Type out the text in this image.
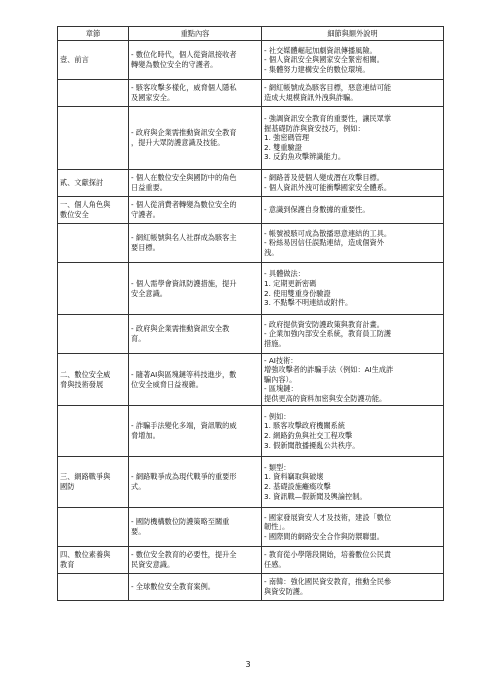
章節	重點內容	細節與額外說明

壹、前言	- 數位化時代，個人從資訊接收者
轉變為數位安全的守護者。	- 社交媒體崛起加劇資訊傳播風險。
- 個人資訊安全與國家安全緊密相關。
- 集體努力建構安全的數位環境。

	- 駭客攻擊多樣化，威脅個人隱私
及國家安全。	- 網紅帳號成為駭客目標，惡意連結可能
造成大規模資訊外洩與詐騙。

	- 政府與企業需推動資訊安全教育
，提升大眾防護意識及技能。	- 強調資訊安全教育的重要性，讓民眾掌
握基礎防詐與資安技巧，例如：
1. 強密碼管理
2. 雙重驗證
3. 反釣魚攻擊辨識能力。

貳、文獻探討	- 個人在數位安全與國防中的角色
日益重要。	- 網路普及使個人變成潛在攻擊目標。
- 個人資訊外洩可能衝擊國家安全體系。

一、個人角色與
數位安全	- 個人從消費者轉變為數位安全的
守護者。	- 意識到保護自身數據的重要性。

	- 網紅帳號與名人社群成為駭客主
要目標。	- 帳號被駭可成為散播惡意連結的工具。
- 粉絲易因信任誤點連結，造成個資外
洩。

	- 個人需學會資訊防護措施，提升
安全意識。	- 具體做法：
1. 定期更新密碼
2. 使用雙重身份驗證
3. 不點擊不明連結或附件。

	- 政府與企業需推動資訊安全教
育。	- 政府提供資安防護政策與教育計畫。
- 企業加強內部安全系統，教育員工防護
措施。

二、數位安全威
脅與技術發展	- 隨著AI與區塊鏈等科技進步，數
位安全威脅日益複雜。	- AI技術：
增強攻擊者的詐騙手法（例如：AI生成詐
騙內容）。
- 區塊鏈：
提供更高的資料加密與安全防護功能。

	- 詐騙手法變化多端，資訊戰的威
脅增加。	- 例如：
1. 駭客攻擊政府機關系統
2. 網路釣魚與社交工程攻擊
3. 假新聞散播擾亂公共秩序。

三、網路戰爭與
國防	- 網路戰爭成為現代戰爭的重要形
式。	- 類型：
1. 資料竊取與破壞
2. 基礎設施癱瘓攻擊
3. 資訊戰—假新聞及輿論控制。

	- 國防機構數位防護策略至關重
要。	- 國家發展資安人才及技術，建設「數位
韌性」。
- 國際間的網路安全合作與防禦聯盟。

四、數位素養與
教育	- 數位安全教育的必要性，提升全
民資安意識。	- 教育從小學階段開始，培養數位公民責
任感。

	- 全球數位安全教育案例。	- 南韓：強化國民資安教育，推動全民參
與資安防護。
3
